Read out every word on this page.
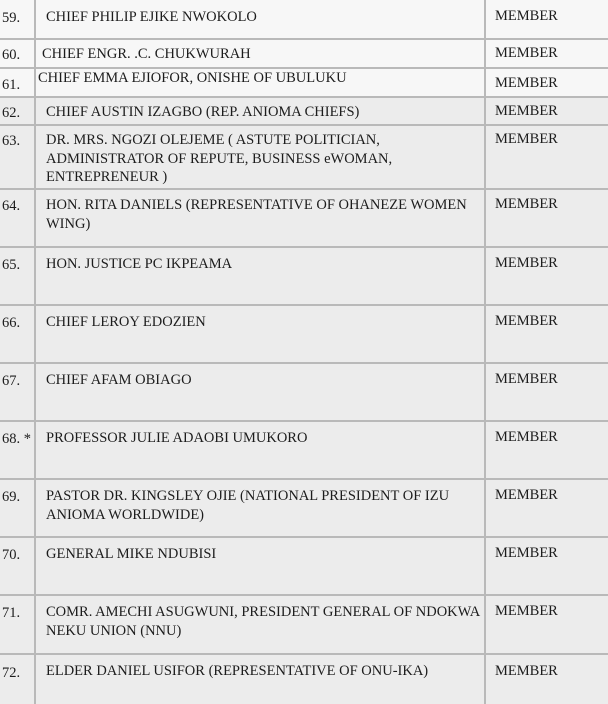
59. CHIEF PHILIP EJIKE NWOKOLO	MEMBER
60. CHIEF ENGR. .C. CHUKWURAH	MEMBER
61. CHIEF EMMA EJIOFOR, ONISHE OF UBULUKU	MEMBER
62. CHIEF AUSTIN IZAGBO (REP. ANIOMA CHIEFS)	MEMBER
63. DR. MRS. NGOZI OLEJEME ( ASTUTE POLITICIAN, ADMINISTRATOR OF REPUTE, BUSINESS eWOMAN, ENTREPRENEUR )
MEMBER
64. HON. RITA DANIELS (REPRESENTATIVE OF OHANEZE WOMEN WING)
MEMBER
65. HON. JUSTICE PC IKPEAMA	MEMBER
66. CHIEF LEROY EDOZIEN	MEMBER
67. CHIEF AFAM OBIAGO	MEMBER
68. * PROFESSOR JULIE ADAOBI UMUKORO	MEMBER
69. PASTOR DR. KINGSLEY OJIE (NATIONAL PRESIDENT OF IZU ANIOMA WORLDWIDE)
MEMBER
70. GENERAL MIKE NDUBISI	MEMBER
71. COMR. AMECHI ASUGWUNI, PRESIDENT GENERAL OF NDOKWA NEKU UNION (NNU)
MEMBER
72. ELDER DANIEL USIFOR (REPRESENTATIVE OF ONU-IKA)	MEMBER
